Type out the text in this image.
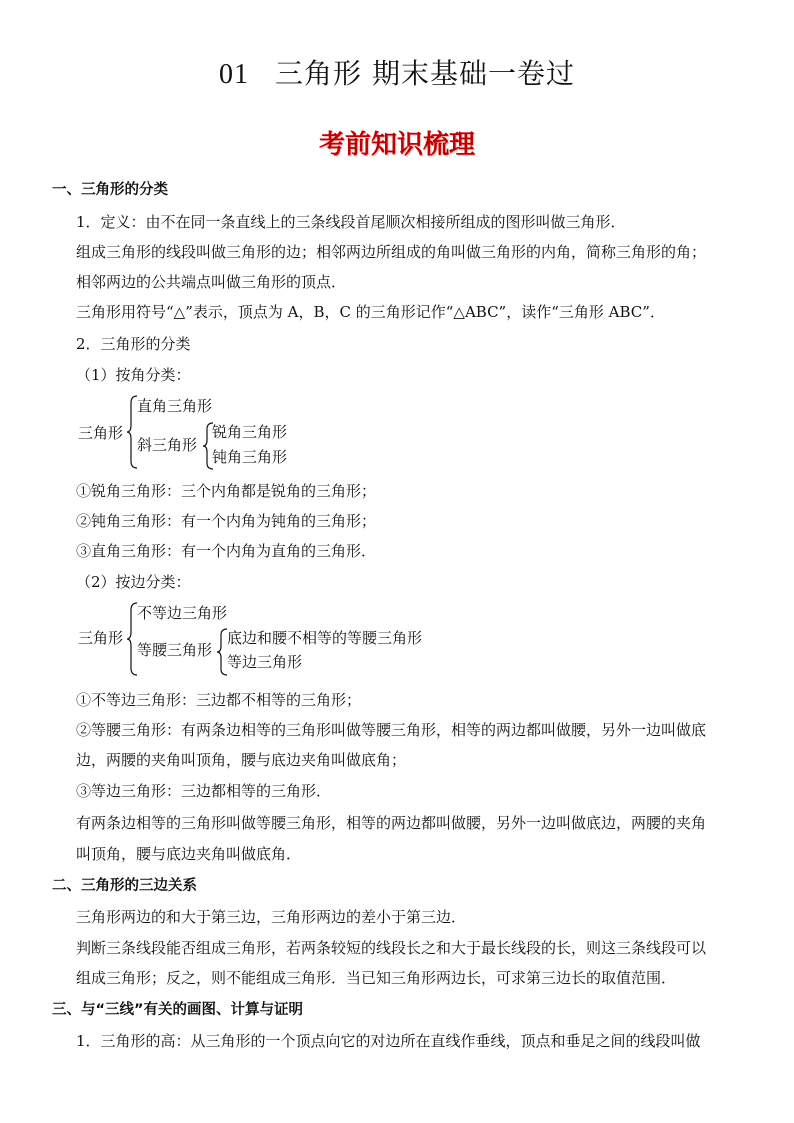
01 三角形 期末基础一卷过
考前知识梳理
一、三角形的分类
1．定义：由不在同一条直线上的三条线段首尾顺次相接所组成的图形叫做三角形．
组成三角形的线段叫做三角形的边；相邻两边所组成的角叫做三角形的内角，简称三角形的角；
相邻两边的公共端点叫做三角形的顶点．
三角形用符号“△”表示，顶点为 A，B，C 的三角形记作“△ABC”，读作“三角形 ABC”．
2．三角形的分类
（1）按角分类：
三角形
直角三角形
斜三角形
锐角三角形
钝角三角形
①锐角三角形：三个内角都是锐角的三角形；
②钝角三角形：有一个内角为钝角的三角形；
③直角三角形：有一个内角为直角的三角形．
（2）按边分类：
三角形
不等边三角形
等腰三角形
底边和腰不相等的等腰三角形
等边三角形
①不等边三角形：三边都不相等的三角形；
②等腰三角形：有两条边相等的三角形叫做等腰三角形，相等的两边都叫做腰，另外一边叫做底
边，两腰的夹角叫顶角，腰与底边夹角叫做底角；
③等边三角形：三边都相等的三角形．
有两条边相等的三角形叫做等腰三角形，相等的两边都叫做腰，另外一边叫做底边，两腰的夹角
叫顶角，腰与底边夹角叫做底角．
二、三角形的三边关系
三角形两边的和大于第三边，三角形两边的差小于第三边．
判断三条线段能否组成三角形，若两条较短的线段长之和大于最长线段的长，则这三条线段可以
组成三角形；反之，则不能组成三角形．当已知三角形两边长，可求第三边长的取值范围．
三、与“三线”有关的画图、计算与证明
1．三角形的高：从三角形的一个顶点向它的对边所在直线作垂线，顶点和垂足之间的线段叫做
